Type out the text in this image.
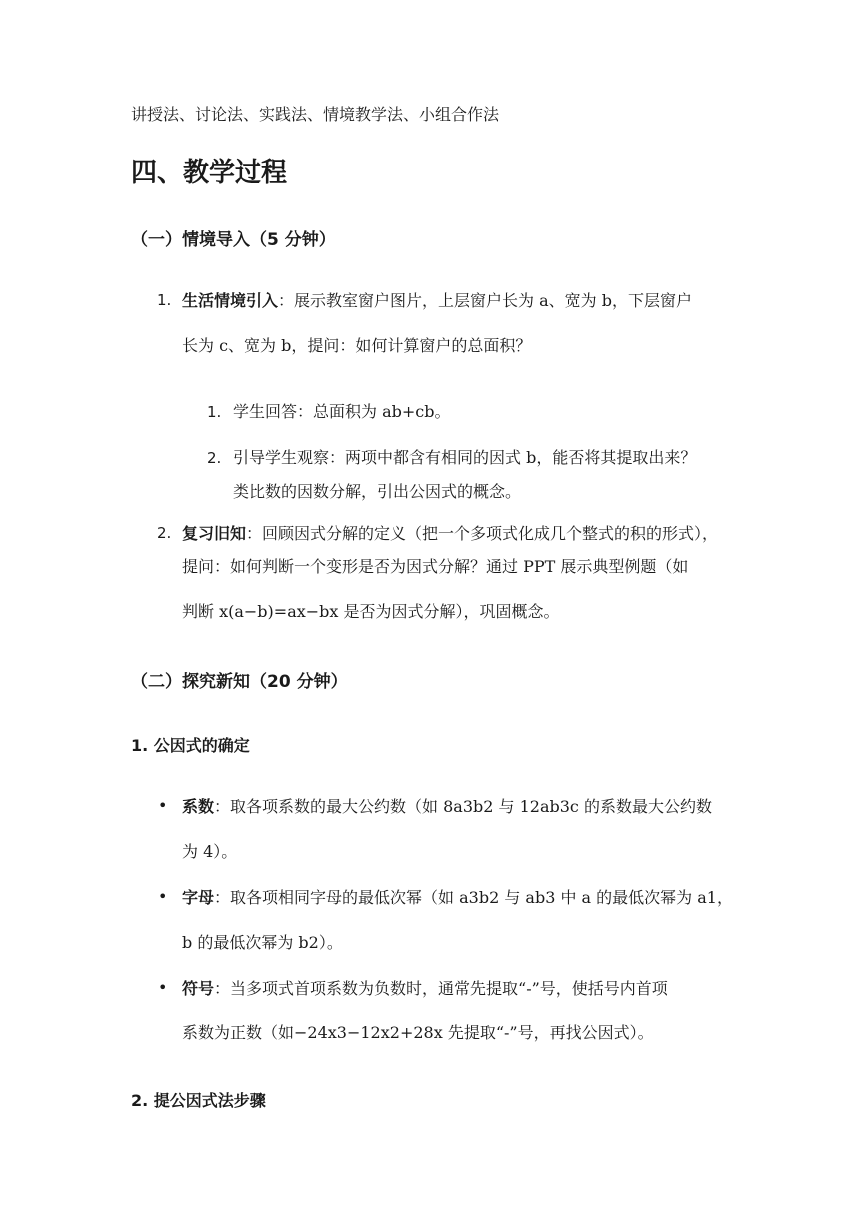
讲授法、讨论法、实践法、情境教学法、小组合作法
四、教学过程
（一）情境导入（5 分钟）
1. 生活情境引入：展示教室窗户图片，上层窗户长为 a、宽为 b，下层窗户
长为 c、宽为 b，提问：如何计算窗户的总面积？
1. 学生回答：总面积为 ab+cb。
2. 引导学生观察：两项中都含有相同的因式 b，能否将其提取出来？
类比数的因数分解，引出公因式的概念。
2. 复习旧知：回顾因式分解的定义（把一个多项式化成几个整式的积的形式），
提问：如何判断一个变形是否为因式分解？通过 PPT 展示典型例题（如
判断 x(a−b)=ax−bx 是否为因式分解），巩固概念。
（二）探究新知（20 分钟）
1. 公因式的确定
• 系数：取各项系数的最大公约数（如 8a3b2 与 12ab3c 的系数最大公约数
为 4）。
• 字母：取各项相同字母的最低次幂（如 a3b2 与 ab3 中 a 的最低次幂为 a1，
b 的最低次幂为 b2）。
• 符号：当多项式首项系数为负数时，通常先提取“-”号，使括号内首项
系数为正数（如−24x3−12x2+28x 先提取“-”号，再找公因式）。
2. 提公因式法步骤
